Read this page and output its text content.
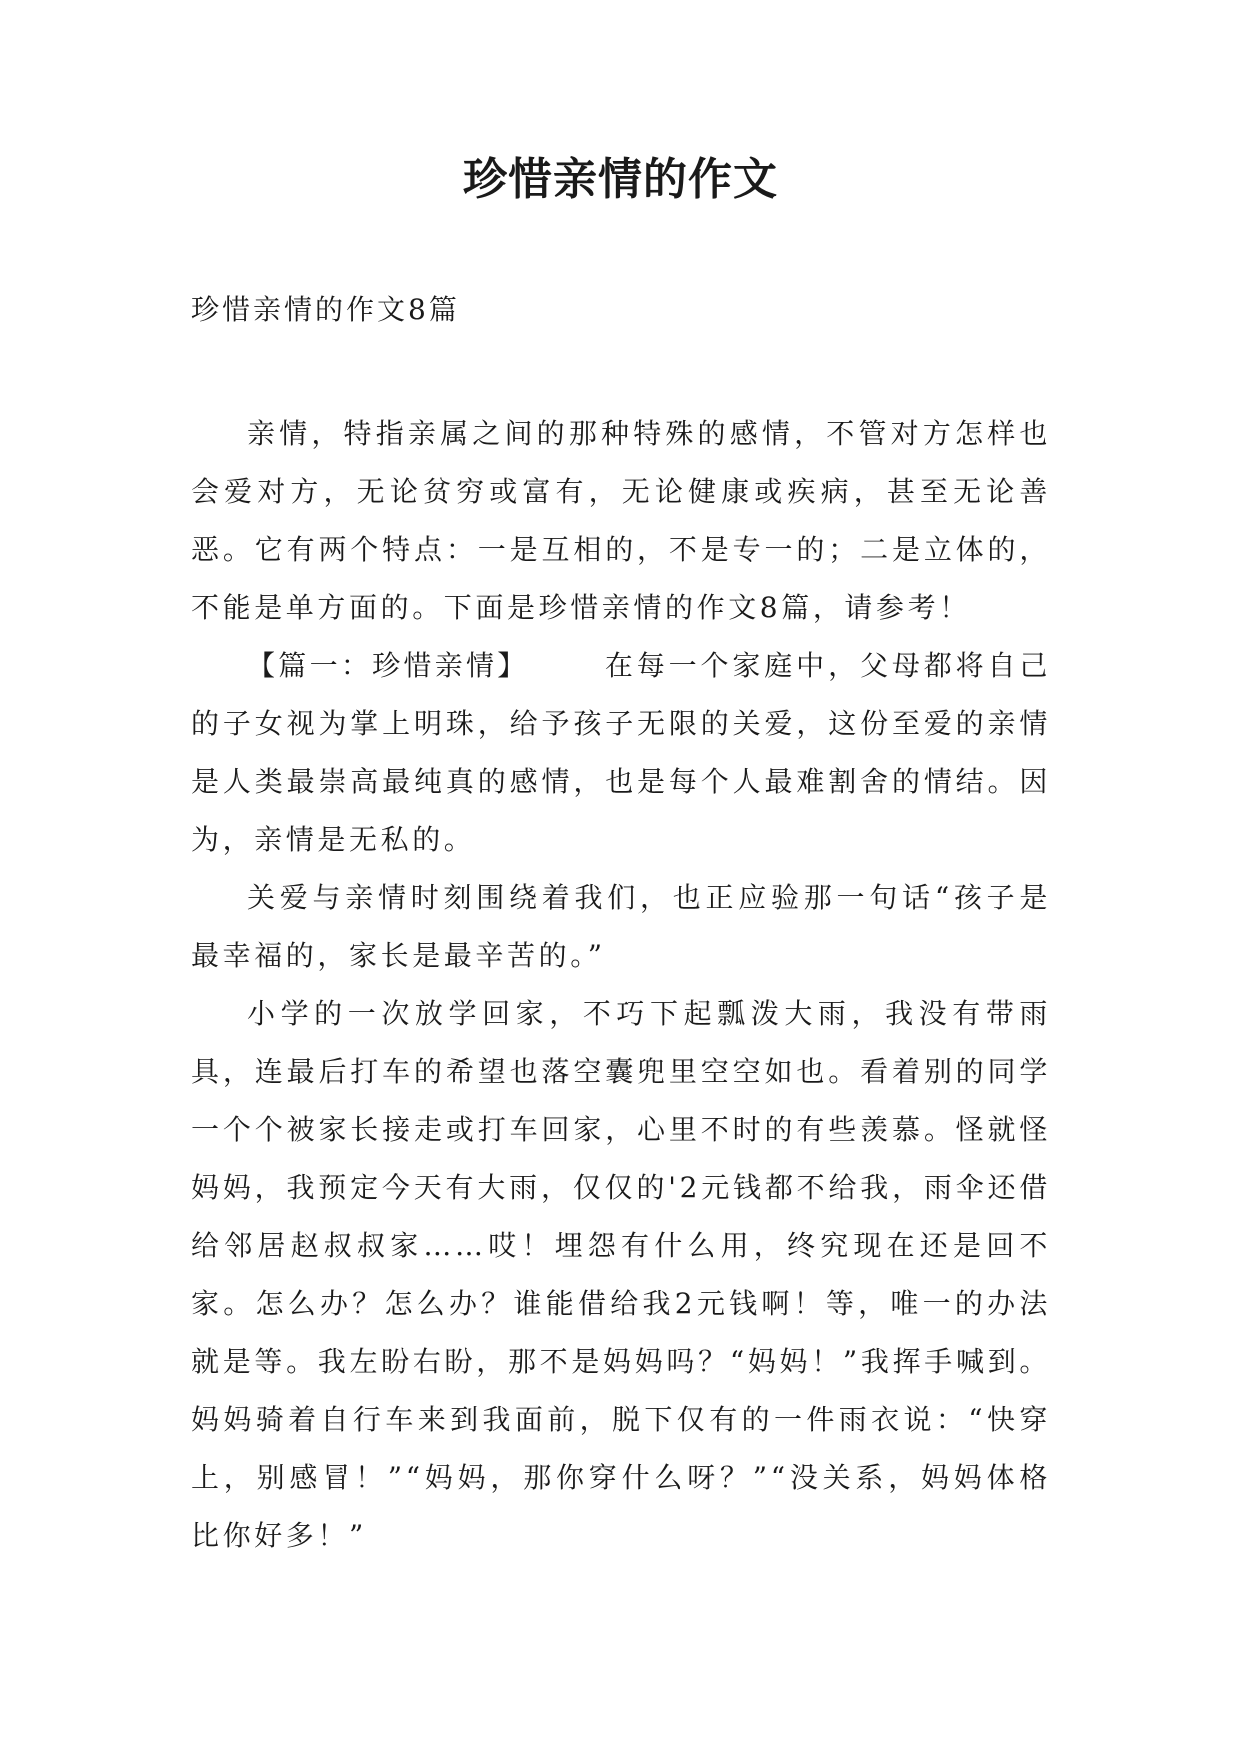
珍惜亲情的作文
珍惜亲情的作文8篇

亲情，特指亲属之间的那种特殊的感情，不管对方怎样也会爱对方，无论贫穷或富有，无论健康或疾病，甚至无论善恶。它有两个特点：一是互相的，不是专一的；二是立体的，不能是单方面的。下面是珍惜亲情的作文8篇，请参考！

【篇一：珍惜亲情】	在每一个家庭中，父母都将自己的子女视为掌上明珠，给予孩子无限的关爱，这份至爱的亲情是人类最崇高最纯真的感情，也是每个人最难割舍的情结。因为，亲情是无私的。

关爱与亲情时刻围绕着我们，也正应验那一句话“孩子是最幸福的，家长是最辛苦的。”

小学的一次放学回家，不巧下起瓢泼大雨，我没有带雨具，连最后打车的希望也落空囊兜里空空如也。看着别的同学一个个被家长接走或打车回家，心里不时的有些羡慕。怪就怪妈妈，我预定今天有大雨，仅仅的'2元钱都不给我，雨伞还借给邻居赵叔叔家……哎！埋怨有什么用，终究现在还是回不家。怎么办？怎么办？谁能借给我2元钱啊！等，唯一的办法就是等。我左盼右盼，那不是妈妈吗？“妈妈！”我挥手喊到。妈妈骑着自行车来到我面前，脱下仅有的一件雨衣说：“快穿上，别感冒！”“妈妈，那你穿什么呀？”“没关系，妈妈体格比你好多！”
